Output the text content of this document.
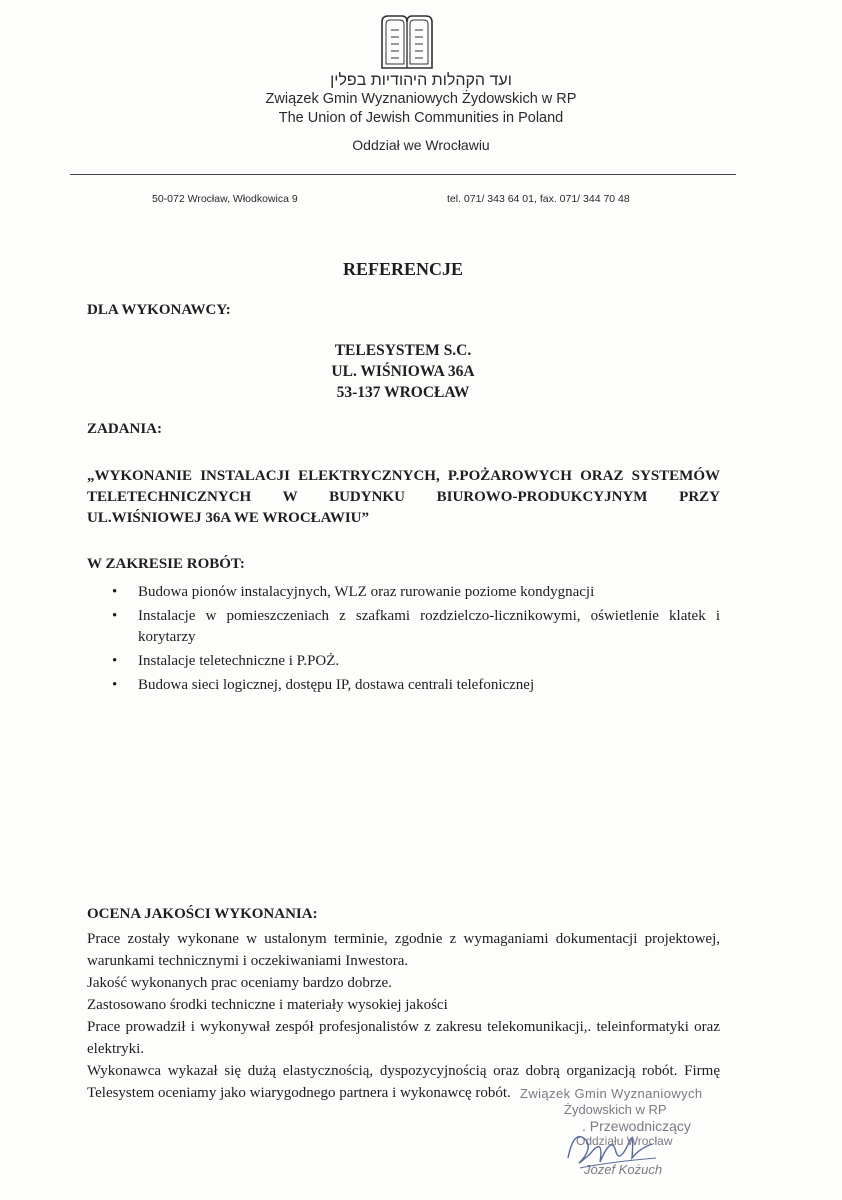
ועד הקהלות היהודיות בפלין
Związek Gmin Wyznaniowych Żydowskich w RP
The Union of Jewish Communities in Poland
Oddział we Wrocławiu
50-072 Wrocław, Włodkowica 9	tel. 071/ 343 64 01, fax. 071/ 344 70 48
REFERENCJE
DLA WYKONAWCY:
TELESYSTEM S.C.
UL. WIŚNIOWA 36A
53-137 WROCŁAW
ZADANIA:
„WYKONANIE INSTALACJI ELEKTRYCZNYCH, P.POŻAROWYCH ORAZ SYSTEMÓW TELETECHNICZNYCH W BUDYNKU BIUROWO-PRODUKCYJNYM PRZY UL.WIŚNIOWEJ 36A WE WROCŁAWIU”
W ZAKRESIE ROBÓT:
• Budowa pionów instalacyjnych, WLZ oraz rurowanie poziome kondygnacji
• Instalacje w pomieszczeniach z szafkami rozdzielczo-licznikowymi, oświetlenie klatek i korytarzy
• Instalacje teletechniczne i P.POŻ.
• Budowa sieci logicznej, dostępu IP, dostawa centrali telefonicznej
OCENA JAKOŚCI WYKONANIA:

Prace zostały wykonane w ustalonym terminie, zgodnie z wymaganiami dokumentacji projektowej, warunkami technicznymi i oczekiwaniami Inwestora.

Jakość wykonanych prac oceniamy bardzo dobrze.

Zastosowano środki techniczne i materiały wysokiej jakości

Prace prowadził i wykonywał zespół profesjonalistów z zakresu telekomunikacji,. teleinformatyki oraz elektryki.

Wykonawca wykazał się dużą elastycznością, dyspozycyjnością oraz dobrą organizacją robót. Firmę Telesystem oceniamy jako wiarygodnego partnera i wykonawcę robót. Związek Gmin Wyznaniowych
Żydowskich w RP
. Przewodniczący
Oddziału Wrocław
Józef Kożuch
